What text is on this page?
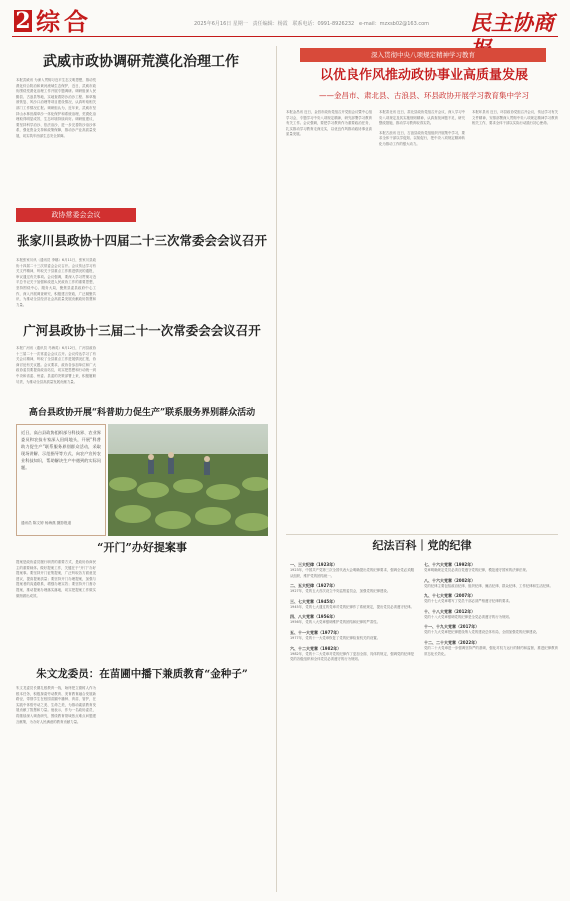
2 综合	2025年6月16日 星期一 责任编辑：杨霞 联系电话：0991-8926232 e-mail：mzxsb02@163.com 民主协商
武威市政协调研荒漠化治理工作
本报武威讯 为深入贯彻习近平生态文明思想，推动荒漠化综合防治和黄河流域生态保护，近日，武威市政协围绕荒漠化治理工作开展专题调研。调研组深入民勤县、古浪县等地，实地查看防沙治沙工程、林草植被恢复、风沙口治理等项目建设情况，认真听取相关部门工作情况汇报。调研组认为，近年来，武威市坚持山水林田湖草沙一体化保护和系统治理，荒漠化治理取得明显成效，生态环境持续向好。调研组建议，要坚持科学治沙、依法治沙，进一步完善防沙治沙体系，强化资金支持和政策保障，推动沙产业高质量发展，切实筑牢西部生态安全屏障。
政协常委会会议
张家川县政协十四届二十三次常委会会议召开
本报张家川讯（通讯员 李娜）6月11日，张家川县政协十四届二十三次常委会会议召开。会议传达学习有关文件精神，听取关于县重点工作推进情况的通报，审议通过有关事项。会议强调，要深入学习贯彻习近平总书记关于加强和改进人民政协工作的重要思想，坚持围绕中心、服务大局，聚焦县委县政府中心工作，深入开展调查研究，积极建言资政，广泛凝聚共识，为推动全县经济社会高质量发展贡献政协智慧和力量。
广河县政协十三届二十一次常委会会议召开
本报广河讯（通讯员 马海英）6月12日，广河县政协十三届二十一次常委会会议召开。会议传达学习了有关会议精神，听取了全县重点工作进展情况汇报，协商讨论有关议题。会议要求，政协各参加单位和广大政协委员要提高政治站位，切实把思想和行动统一到中央和省委、州委、县委的决策部署上来，积极履职尽责，为推动全县高质量发展贡献力量。
高台县政协开展“科普助力促生产”联系服务界别群众活动
近日，高台县政协组织部分科技界、农业界委员和农技专家深入田间地头，开展“科普助力促生产”联系服务界别群众活动，采取现场讲解、示范指导等方式，向农户宣传农业科技知识，帮助解决生产中遇到的实际问题。
通讯员 陈文婷 杨海燕 摄影报道
“开门”办好提案事
提案是政协委员履行职责的重要方式，是政协协商民主的重要载体。做好提案工作，关键在于“开门”办好提案事。要坚持开门征集提案，广泛听取各方面意见建议，提高提案质量；要坚持开门办理提案，加强与提案者的沟通联系，增强办理实效；要坚持开门督办提案，推动提案办理落实落地，切实把提案工作做实做细做出成效。
朱文龙委员：在苗圃中播下兼质教育“金种子”
朱文龙委员长期扎根教育一线，始终把立德树人作为根本任务，积极探索劳动教育、美育教育融合发展新路径，带领学生在校园苗圃中播种、育苗、管护，在实践中体悟劳动之美、生命之美，为推动素质教育发展贡献了智慧和力量。他表示，作为一名政协委员，将继续深入调查研究，围绕教育领域热点难点问题建言献策，为办好人民满意的教育贡献力量。
深入贯彻中央八项规定精神学习教育
以优良作风推动政协事业高质量发展
——金昌市、肃北县、古浪县、环县政协开展学习教育集中学习
本报金昌讯 近日，金昌市政协党组召开党组会议暨中心组学习会，专题学习中央八项规定精神，研究部署学习教育有关工作。会议强调，要把学习教育作为重要政治任务，扎实推动学习教育走深走实，以优良作风推动政协事业高质量发展。
本报肃北讯 近日，肃北县政协党组召开会议，深入学习中央八项规定及其实施细则精神，认真查找问题不足，研究整改措施，推动学习教育取得实效。
本报古浪讯 近日，古浪县政协党组组织开展集中学习，要求全体干部以学促知、以知促行，把中央八项规定精神转化为推动工作的强大动力。
本报环县讯 近日，环县政协党组召开会议，传达学习有关文件精神，安排部署深入贯彻中央八项规定精神学习教育相关工作，要求全体干部以实际行动践行初心使命。
纪法百科｜党的纪律
一、三大纪律（1923年）
1923年，中国共产党第三次全国代表大会明确提出党的纪律要求，强调全党必须服从组织，维护党的团结统一。
二、五大纪律（1927年）
1927年，党的五大首次设立中央监察委员会，加强党的纪律建设。
三、七大党章（1945年）
1945年，党的七大通过的党章对党的纪律作了系统规定，提出党员必须遵守纪律。
四、八大党章（1956年）
1956年，党的八大党章强调维护党的团结和纪律的严肃性。
五、十一大党章（1977年）
1977年，党的十一大党章恢复了党的纪律检查机关的设置。
六、十二大党章（1982年）
1982年，党的十二大党章对党的纪律作了更加全面、具体的规定，强调党的纪律是党的各级组织和全体党员必须遵守的行为规则。
七、十六大党章（1992年）
党章明确规定党员必须自觉遵守党的纪律，模范遵守国家的法律法规。
八、十六大党章（2002年）
党的纪律主要包括政治纪律、组织纪律、廉洁纪律、群众纪律、工作纪律和生活纪律。
九、十七大党章（2007年）
党的十七大党章增写了党员干部必须严格遵守纪律的要求。
十、十八大党章（2012年）
党的十八大党章强调党的纪律是全党必须遵守的行为规则。
十一、十九大党章（2017年）
党的十九大党章把纪律建设纳入党的建设总体布局，全面加强党的纪律建设。
十二、二十大党章（2022年）
党的二十大党章进一步强调坚持严的基调，强化对权力运行的制约和监督，推进纪律教育常态化长效化。
